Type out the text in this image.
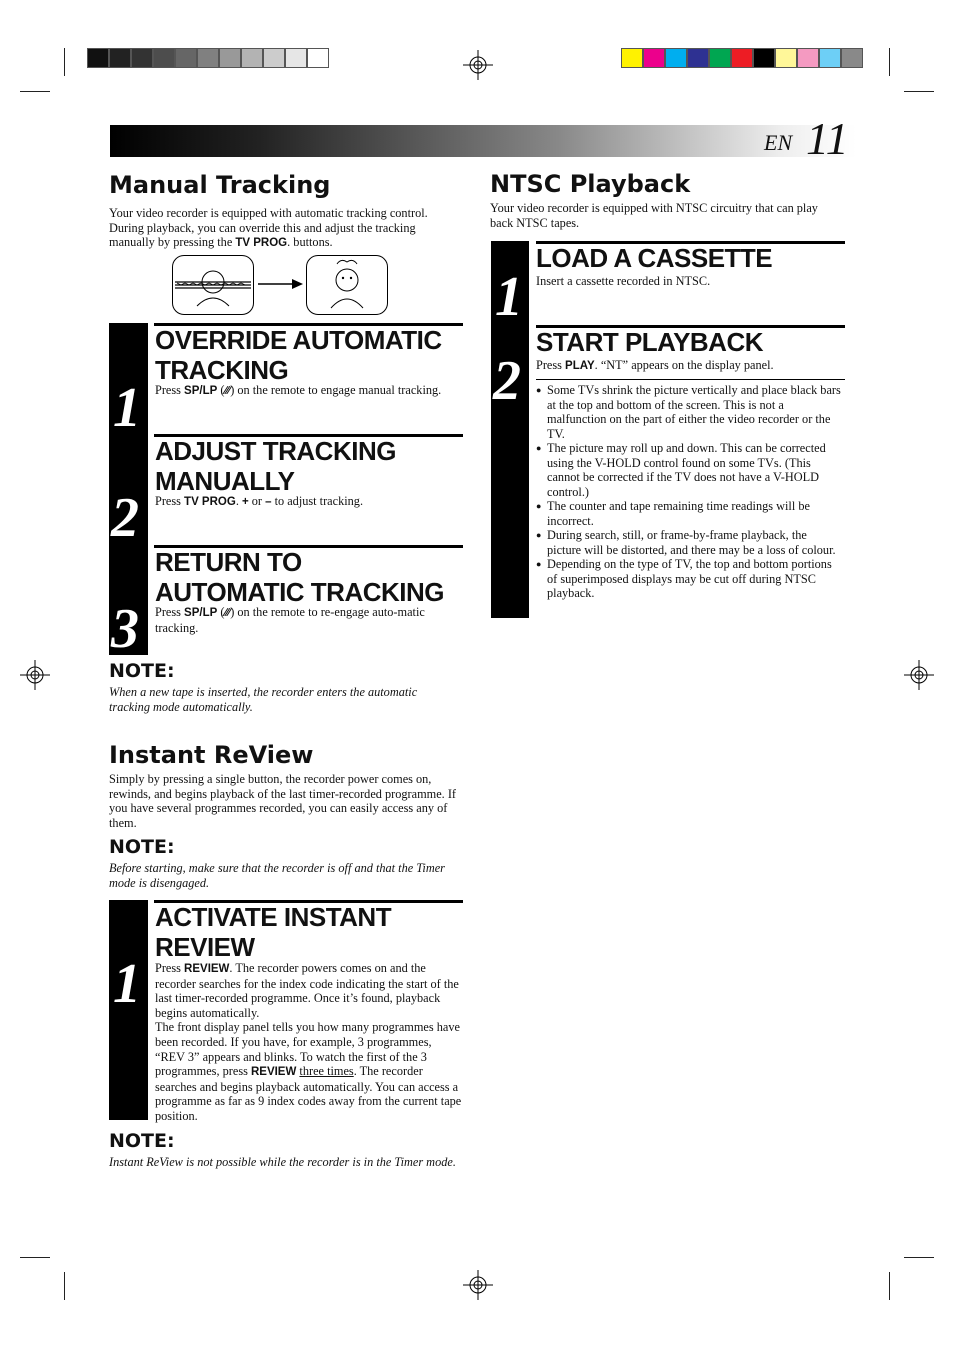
EN 11
Manual Tracking

Your video recorder is equipped with automatic tracking control. During playback, you can override this and adjust the tracking manually by pressing the TV PROG. buttons.

1
2
3
OVERRIDE AUTOMATIC TRACKING

Press SP/LP (∕∕∕) on the remote to engage manual tracking.

ADJUST TRACKING MANUALLY

Press TV PROG. + or – to adjust tracking.

RETURN TO AUTOMATIC TRACKING

Press SP/LP (∕∕∕) on the remote to re-engage auto-matic tracking.

NOTE:

When a new tape is inserted, the recorder enters the automatic tracking mode automatically.

Instant ReView

Simply by pressing a single button, the recorder power comes on, rewinds, and begins playback of the last timer-recorded programme. If you have several programmes recorded, you can easily access any of them.

NOTE:

Before starting, make sure that the recorder is off and that the Timer mode is disengaged.

1
ACTIVATE INSTANT REVIEW
Press REVIEW. The recorder powers comes on and the recorder searches for the index code indicating the start of the last timer-recorded programme. Once it’s found, playback begins automatically.
The front display panel tells you how many programmes have been recorded. If you have, for example, 3 programmes, “REV 3” appears and blinks. To watch the first of the 3 programmes, press REVIEW three times. The recorder searches and begins playback automatically. You can access a programme as far as 9 index codes away from the current tape position.
NOTE:

Instant ReView is not possible while the recorder is in the Timer mode.

NTSC Playback

Your video recorder is equipped with NTSC circuitry that can play back NTSC tapes.

1
2
LOAD A CASSETTE

Insert a cassette recorded in NTSC.

START PLAYBACK

Press PLAY. “NT” appears on the display panel.

● Some TVs shrink the picture vertically and place black bars at the top and bottom of the screen. This is not a malfunction on the part of either the video recorder or the TV.
● The picture may roll up and down. This can be corrected using the V-HOLD control found on some TVs. (This cannot be corrected if the TV does not have a V-HOLD control.)
● The counter and tape remaining time readings will be incorrect.
● During search, still, or frame-by-frame playback, the picture will be distorted, and there may be a loss of colour.
● Depending on the type of TV, the top and bottom portions of superimposed displays may be cut off during NTSC playback.
